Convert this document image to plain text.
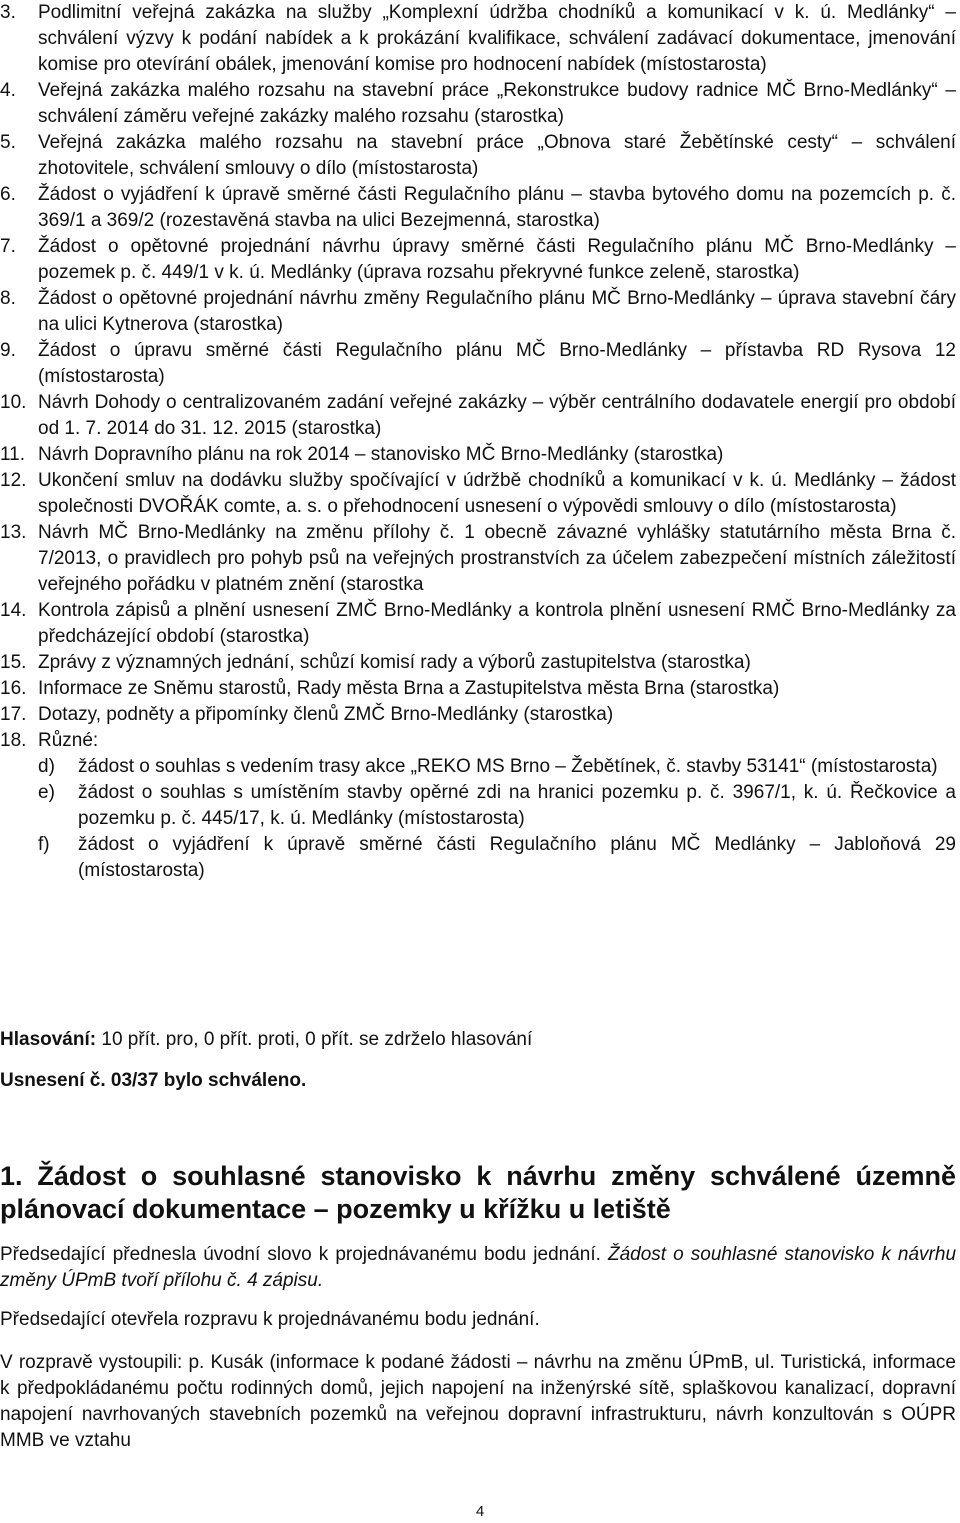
3.	Podlimitní veřejná zakázka na služby „Komplexní údržba chodníků a komunikací v k. ú. Medlánky“ – schválení výzvy k podání nabídek a k prokázání kvalifikace, schválení zadávací dokumentace, jmenování komise pro otevírání obálek, jmenování komise pro hodnocení nabídek (místostarosta)
4.	Veřejná zakázka malého rozsahu na stavební práce „Rekonstrukce budovy radnice MČ Brno-Medlánky“ – schválení záměru veřejné zakázky malého rozsahu (starostka)
5.	Veřejná zakázka malého rozsahu na stavební práce „Obnova staré Žebětínské cesty“ – schválení zhotovitele, schválení smlouvy o dílo (místostarosta)
6.	Žádost o vyjádření k úpravě směrné části Regulačního plánu – stavba bytového domu na pozemcích p. č. 369/1 a 369/2 (rozestavěná stavba na ulici Bezejmenná, starostka)
7.	Žádost o opětovné projednání návrhu úpravy směrné části Regulačního plánu MČ Brno-Medlánky – pozemek p. č. 449/1 v k. ú. Medlánky (úprava rozsahu překryvné funkce zeleně, starostka)
8.	Žádost o opětovné projednání návrhu změny Regulačního plánu MČ Brno-Medlánky – úprava stavební čáry na ulici Kytnerova (starostka)
9.	Žádost o úpravu směrné části Regulačního plánu MČ Brno-Medlánky – přístavba RD Rysova 12 (místostarosta)
10. Návrh Dohody o centralizovaném zadání veřejné zakázky – výběr centrálního dodavatele energií pro období od 1. 7. 2014 do 31. 12. 2015 (starostka)
11. Návrh Dopravního plánu na rok 2014 – stanovisko MČ Brno-Medlánky (starostka)
12. Ukončení smluv na dodávku služby spočívající v údržbě chodníků a komunikací v k. ú. Medlánky – žádost společnosti DVOŘÁK comte, a. s. o přehodnocení usnesení o výpovědi smlouvy o dílo (místostarosta)
13. Návrh MČ Brno-Medlánky na změnu přílohy č. 1 obecně závazné vyhlášky statutárního města Brna č. 7/2013, o pravidlech pro pohyb psů na veřejných prostranstvích za účelem zabezpečení místních záležitostí veřejného pořádku v platném znění (starostka
14. Kontrola zápisů a plnění usnesení ZMČ Brno-Medlánky a kontrola plnění usnesení RMČ Brno-Medlánky za předcházející období (starostka)
15. Zprávy z významných jednání, schůzí komisí rady a výborů zastupitelstva (starostka)
16. Informace ze Sněmu starostů, Rady města Brna a Zastupitelstva města Brna (starostka)
17. Dotazy, podněty a připomínky členů ZMČ Brno-Medlánky (starostka)
18. Různé:
d)	žádost o souhlas s vedením trasy akce „REKO MS Brno – Žebětínek, č. stavby 53141“ (místostarosta)
e)	žádost o souhlas s umístěním stavby opěrné zdi na hranici pozemku p. č. 3967/1, k. ú. Řečkovice a pozemku p. č. 445/17, k. ú. Medlánky (místostarosta)
f)	žádost o vyjádření k úpravě směrné části Regulačního plánu MČ Medlánky – Jabloňová 29 (místostarosta)
Hlasování: 10 přít. pro, 0 přít. proti, 0 přít. se zdrželo hlasování
Usnesení č. 03/37 bylo schváleno.
1. Žádost o souhlasné stanovisko k návrhu změny schválené územně plánovací dokumentace – pozemky u křížku u letiště

Předsedající přednesla úvodní slovo k projednávanému bodu jednání. Žádost o souhlasné stanovisko k návrhu změny ÚPmB tvoří přílohu č. 4 zápisu.

Předsedající otevřela rozpravu k projednávanému bodu jednání.

V rozpravě vystoupili: p. Kusák (informace k podané žádosti – návrhu na změnu ÚPmB, ul. Turistická, informace k předpokládanému počtu rodinných domů, jejich napojení na inženýrské sítě, splaškovou kanalizací, dopravní napojení navrhovaných stavebních pozemků na veřejnou dopravní infrastrukturu, návrh konzultován s OÚPR MMB ve vztahu

4
